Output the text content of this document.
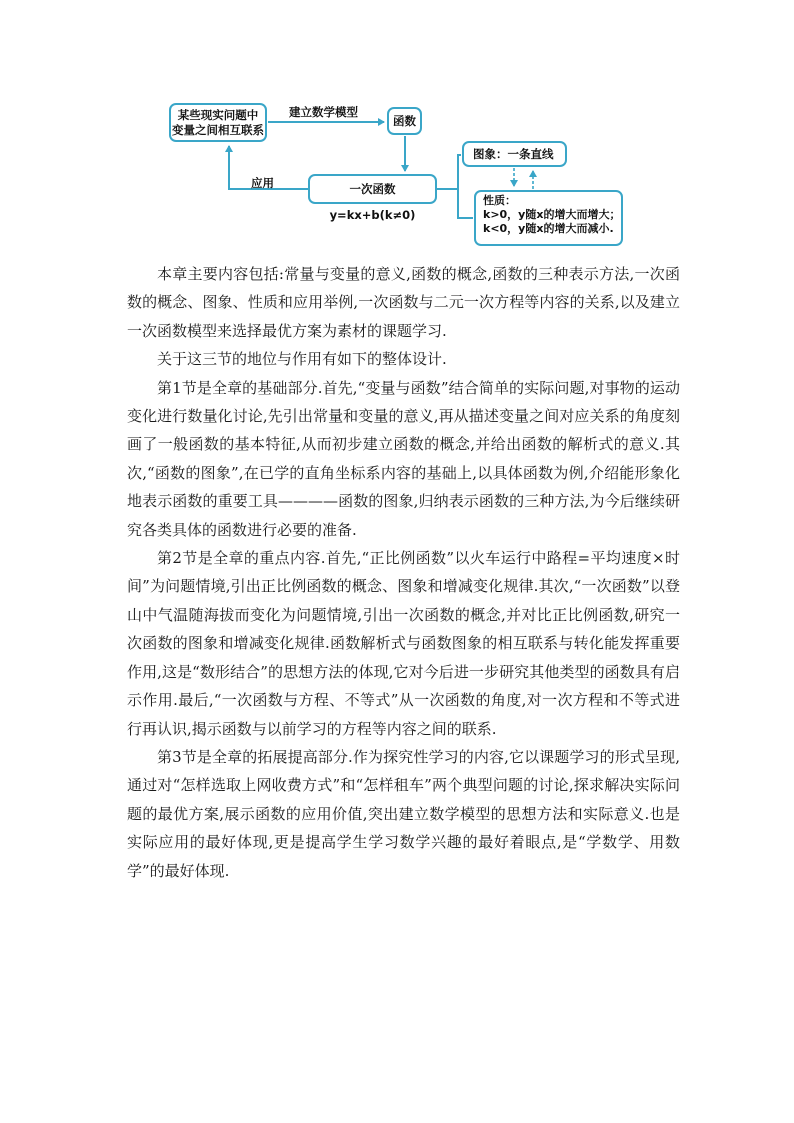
某些现实问题中
变量之间相互联系
建立数学模型
函数
应用	一次函数y=kx+b(k≠0)
图象：一条直线
性质：
k>0，y随x的增大而增大；
k<0，y随x的增大而减小.

本章主要内容包括:常量与变量的意义,函数的概念,函数的三种表示方法,一次函数的概念、图象、性质和应用举例,一次函数与二元一次方程等内容的关系,以及建立一次函数模型来选择最优方案为素材的课题学习.

关于这三节的地位与作用有如下的整体设计.

第1节是全章的基础部分.首先,“变量与函数”结合简单的实际问题,对事物的运动变化进行数量化讨论,先引出常量和变量的意义,再从描述变量之间对应关系的角度刻画了一般函数的基本特征,从而初步建立函数的概念,并给出函数的解析式的意义.其次,“函数的图象”,在已学的直角坐标系内容的基础上,以具体函数为例,介绍能形象化地表示函数的重要工具————函数的图象,归纳表示函数的三种方法,为今后继续研究各类具体的函数进行必要的准备.

第2节是全章的重点内容.首先,“正比例函数”以火车运行中路程=平均速度×时间”为问题情境,引出正比例函数的概念、图象和增减变化规律.其次,“一次函数”以登山中气温随海拔而变化为问题情境,引出一次函数的概念,并对比正比例函数,研究一次函数的图象和增减变化规律.函数解析式与函数图象的相互联系与转化能发挥重要作用,这是“数形结合”的思想方法的体现,它对今后进一步研究其他类型的函数具有启示作用.最后,“一次函数与方程、不等式”从一次函数的角度,对一次方程和不等式进行再认识,揭示函数与以前学习的方程等内容之间的联系.

第3节是全章的拓展提高部分.作为探究性学习的内容,它以课题学习的形式呈现,通过对“怎样选取上网收费方式”和“怎样租车”两个典型问题的讨论,探求解决实际问题的最优方案,展示函数的应用价值,突出建立数学模型的思想方法和实际意义.也是实际应用的最好体现,更是提高学生学习数学兴趣的最好着眼点,是“学数学、用数学”的最好体现.
